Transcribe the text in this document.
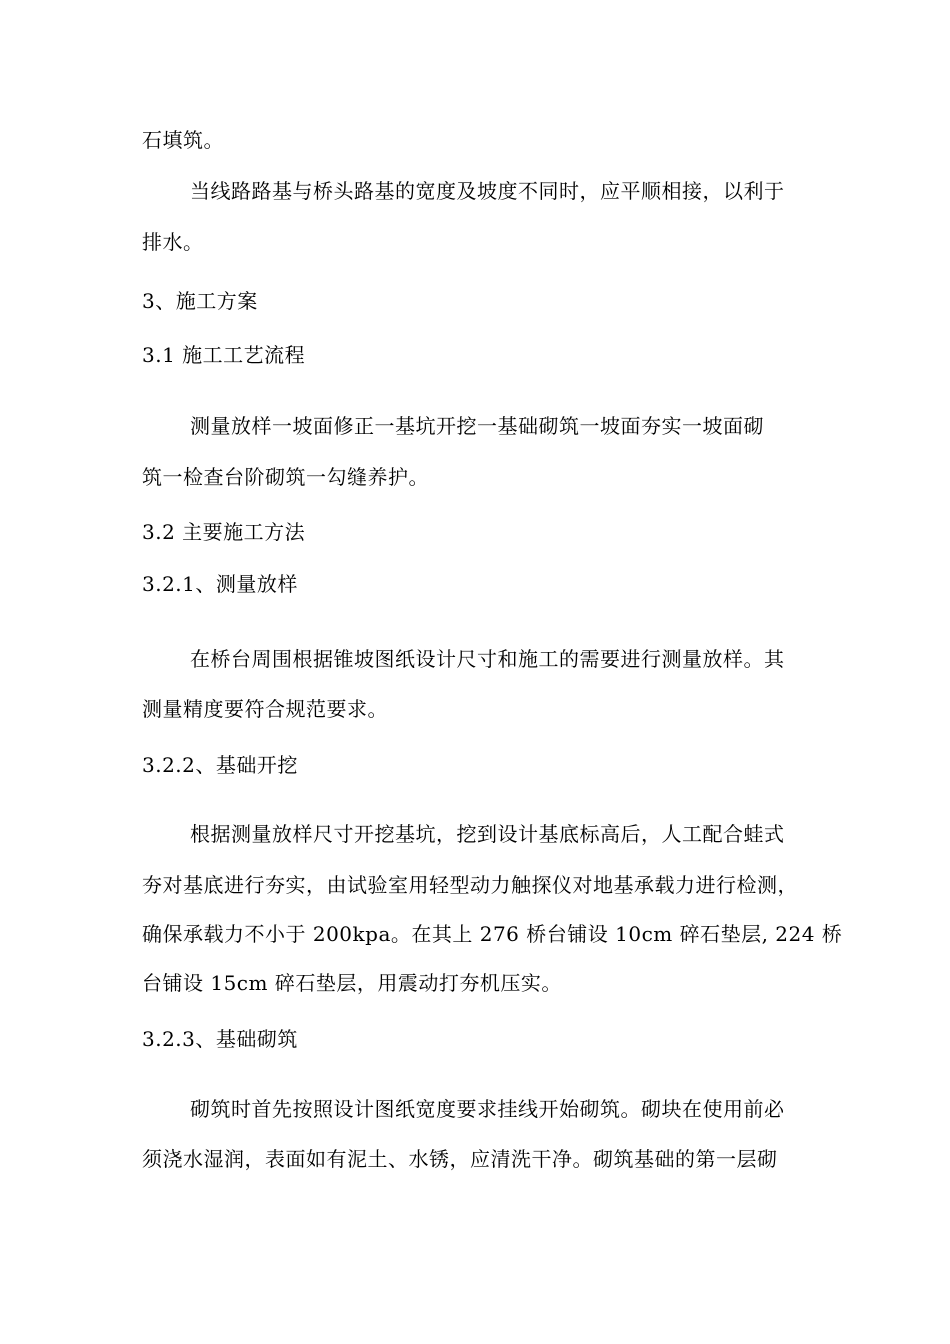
石填筑。
当线路路基与桥头路基的宽度及坡度不同时，应平顺相接，以利于
排水。
3、施工方案
3.1 施工工艺流程
测量放样一坡面修正一基坑开挖一基础砌筑一坡面夯实一坡面砌
筑一检查台阶砌筑一勾缝养护。
3.2 主要施工方法
3.2.1、测量放样
在桥台周围根据锥坡图纸设计尺寸和施工的需要进行测量放样。其
测量精度要符合规范要求。
3.2.2、基础开挖
根据测量放样尺寸开挖基坑，挖到设计基底标高后，人工配合蛙式
夯对基底进行夯实，由试验室用轻型动力触探仪对地基承载力进行检测，
确保承载力不小于 200kpa。在其上 276 桥台铺设 10cm 碎石垫层, 224 桥
台铺设 15cm 碎石垫层，用震动打夯机压实。
3.2.3、基础砌筑
砌筑时首先按照设计图纸宽度要求挂线开始砌筑。砌块在使用前必
须浇水湿润，表面如有泥土、水锈，应清洗干净。砌筑基础的第一层砌
